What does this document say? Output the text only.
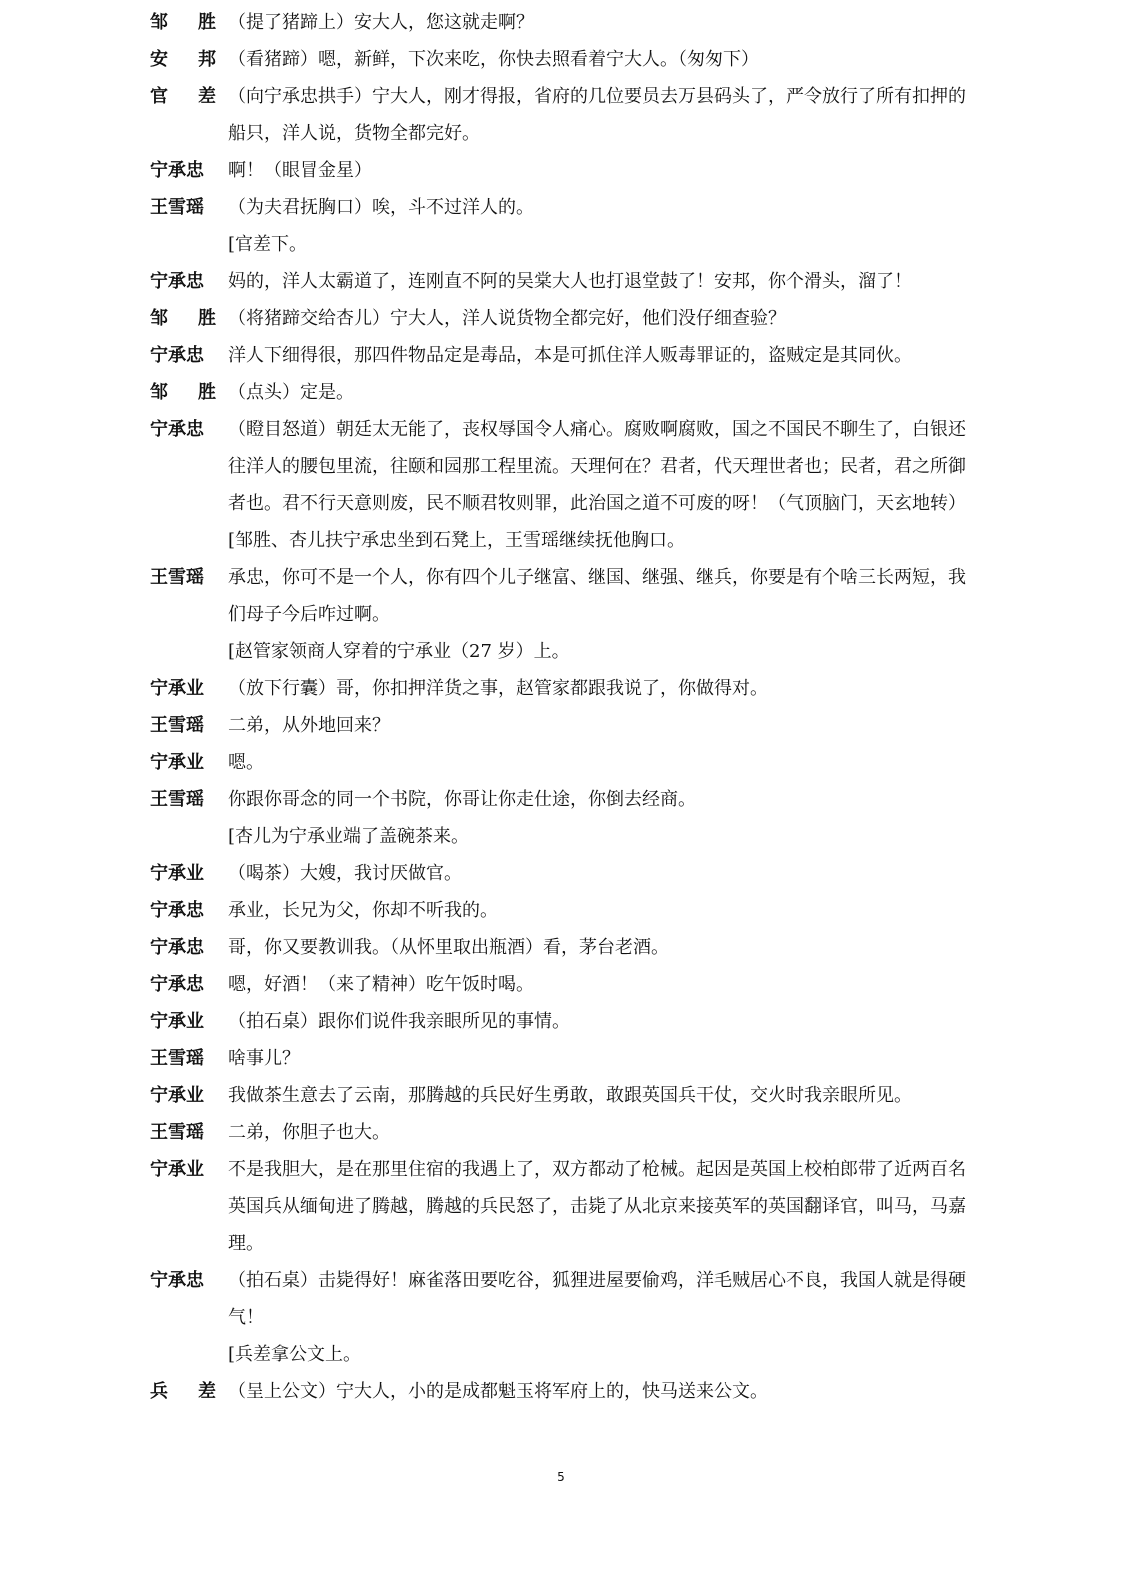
邹 胜 （提了猪蹄上）安大人，您这就走啊？
安 邦 （看猪蹄）嗯，新鲜，下次来吃，你快去照看着宁大人。（匆匆下）
官 差 （向宁承忠拱手）宁大人，刚才得报，省府的几位要员去万县码头了，严令放行了所有扣押的船只，洋人说，货物全都完好。
宁承忠 啊！（眼冒金星）
王雪瑶 （为夫君抚胸口）唉，斗不过洋人的。
[官差下。
宁承忠 妈的，洋人太霸道了，连刚直不阿的吴棠大人也打退堂鼓了！安邦，你个滑头，溜了！
邹 胜 （将猪蹄交给杏儿）宁大人，洋人说货物全都完好，他们没仔细查验？
宁承忠 洋人下细得很，那四件物品定是毒品，本是可抓住洋人贩毒罪证的，盗贼定是其同伙。
邹 胜 （点头）定是。
宁承忠 （瞪目怒道）朝廷太无能了，丧权辱国令人痛心。腐败啊腐败，国之不国民不聊生了，白银还往洋人的腰包里流，往颐和园那工程里流。天理何在？君者，代天理世者也；民者，君之所御者也。君不行天意则废，民不顺君牧则罪，此治国之道不可废的呀！（气顶脑门，天玄地转）
[邹胜、杏儿扶宁承忠坐到石凳上，王雪瑶继续抚他胸口。
王雪瑶 承忠，你可不是一个人，你有四个儿子继富、继国、继强、继兵，你要是有个啥三长两短，我们母子今后咋过啊。
[赵管家领商人穿着的宁承业（27 岁）上。
宁承业 （放下行囊）哥，你扣押洋货之事，赵管家都跟我说了，你做得对。
王雪瑶 二弟，从外地回来？
宁承业 嗯。
王雪瑶 你跟你哥念的同一个书院，你哥让你走仕途，你倒去经商。
[杏儿为宁承业端了盖碗茶来。
宁承业 （喝茶）大嫂，我讨厌做官。
宁承忠 承业，长兄为父，你却不听我的。
宁承忠 哥，你又要教训我。（从怀里取出瓶酒）看，茅台老酒。
宁承忠 嗯，好酒！（来了精神）吃午饭时喝。
宁承业 （拍石桌）跟你们说件我亲眼所见的事情。
王雪瑶 啥事儿？
宁承业 我做茶生意去了云南，那腾越的兵民好生勇敢，敢跟英国兵干仗，交火时我亲眼所见。
王雪瑶 二弟，你胆子也大。
宁承业 不是我胆大，是在那里住宿的我遇上了，双方都动了枪械。起因是英国上校柏郎带了近两百名英国兵从缅甸进了腾越，腾越的兵民怒了，击毙了从北京来接英军的英国翻译官，叫马，马嘉理。
宁承忠 （拍石桌）击毙得好！麻雀落田要吃谷，狐狸进屋要偷鸡，洋毛贼居心不良，我国人就是得硬气！
[兵差拿公文上。
兵 差 （呈上公文）宁大人，小的是成都魁玉将军府上的，快马送来公文。
5
